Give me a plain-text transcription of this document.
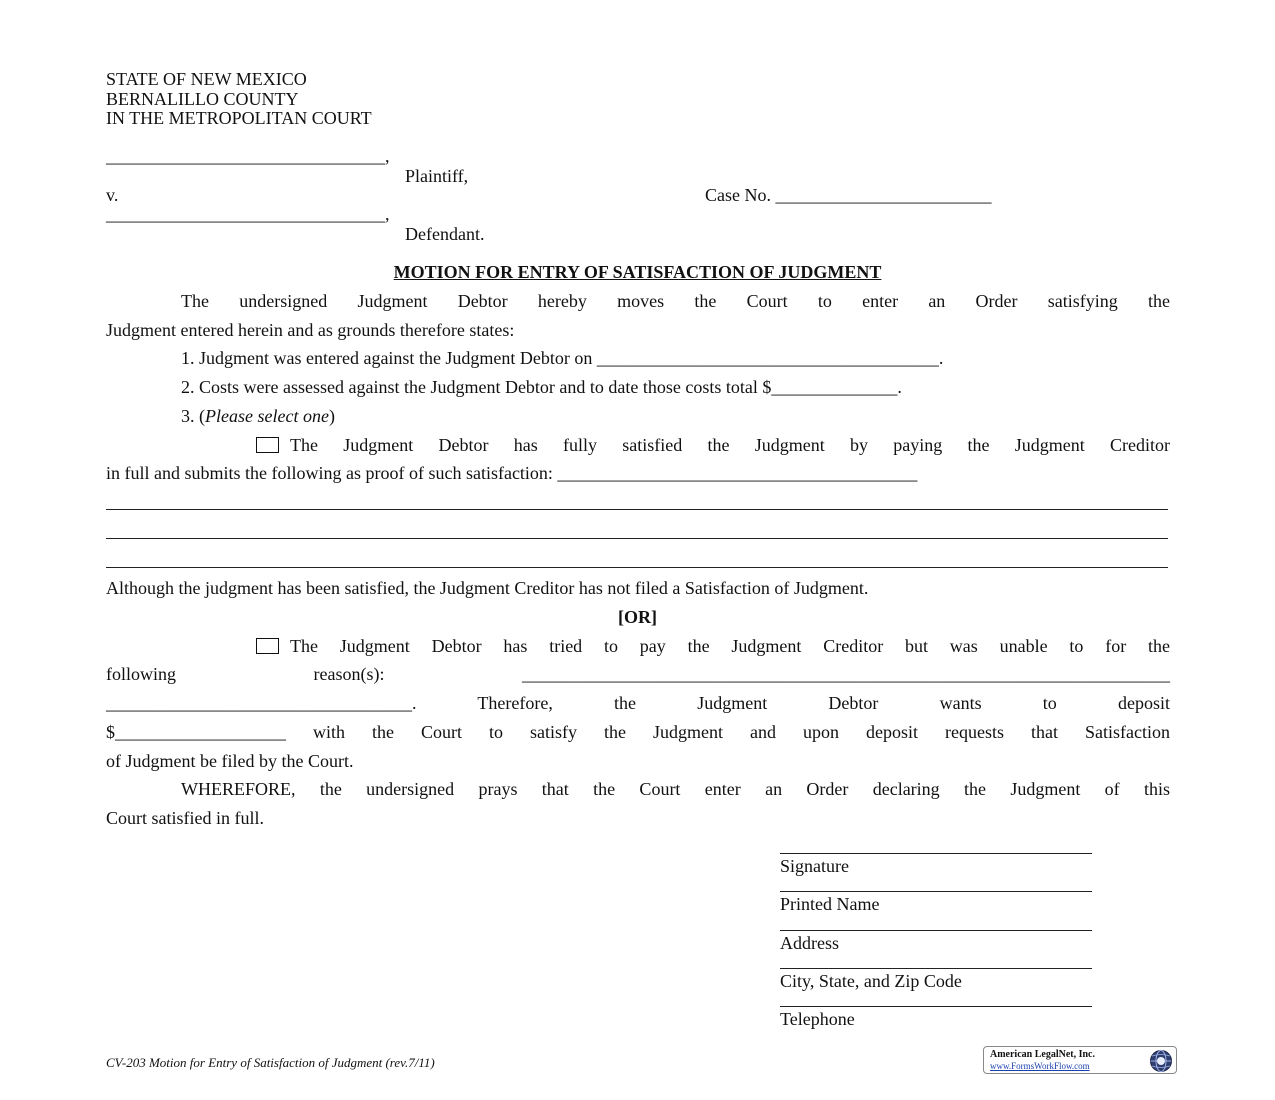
STATE OF NEW MEXICO
BERNALILLO COUNTY
IN THE METROPOLITAN COURT
_______________________________,
Plaintiff,
v.	Case No. ________________________
_______________________________,
Defendant.
MOTION FOR ENTRY OF SATISFACTION OF JUDGMENT
The undersigned Judgment Debtor hereby moves the Court to enter an Order satisfying the
Judgment entered herein and as grounds therefore states:
1. Judgment was entered against the Judgment Debtor on ______________________________________.
2. Costs were assessed against the Judgment Debtor and to date those costs total $______________.
3. (Please select one)
The Judgment Debtor has fully satisfied the Judgment by paying the Judgment Creditor
in full and submits the following as proof of such satisfaction: ________________________________________
Although the judgment has been satisfied, the Judgment Creditor has not filed a Satisfaction of Judgment.
[OR]
The Judgment Debtor has tried to pay the Judgment Creditor but was unable to for the
following reason(s): ________________________________________________________________________
__________________________________. Therefore, the Judgment Debtor wants to deposit
$___________________ with the Court to satisfy the Judgment and upon deposit requests that Satisfaction
of Judgment be filed by the Court.
WHEREFORE, the undersigned prays that the Court enter an Order declaring the Judgment of this
Court satisfied in full.
Signature
Printed Name
Address
City, State, and Zip Code
Telephone
CV-203 Motion for Entry of Satisfaction of Judgment (rev.7/11)
American LegalNet, Inc.
www.FormsWorkFlow.com
